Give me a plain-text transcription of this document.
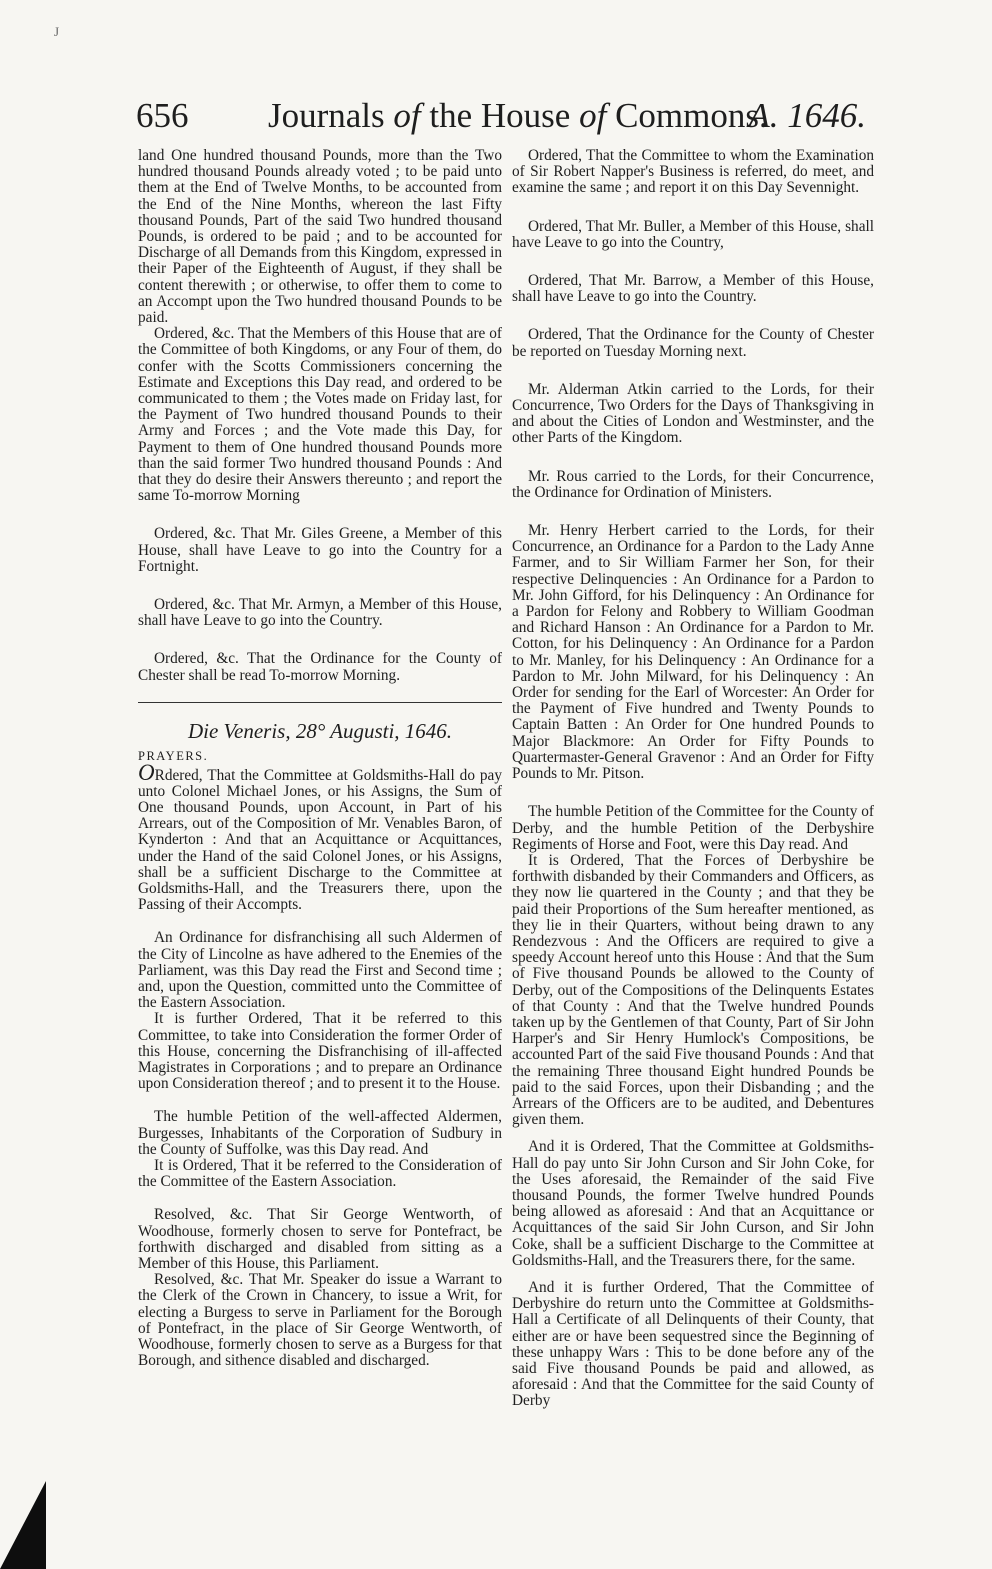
J
656 Journals of the House of Commons.
A. 1646.

land One hundred thousand Pounds, more than the Two hundred thousand Pounds already voted ; to be paid unto them at the End of Twelve Months, to be accounted from the End of the Nine Months, whereon the last Fifty thousand Pounds, Part of the said Two hundred thousand Pounds, is ordered to be paid ; and to be accounted for Discharge of all Demands from this Kingdom, expressed in their Paper of the Eighteenth of August, if they shall be content therewith ; or otherwise, to offer them to come to an Accompt upon the Two hundred thousand Pounds to be paid.

Ordered, &c. That the Members of this House that are of the Committee of both Kingdoms, or any Four of them, do confer with the Scotts Commissioners concerning the Estimate and Exceptions this Day read, and ordered to be communicated to them ; the Votes made on Friday last, for the Payment of Two hundred thousand Pounds to their Army and Forces ; and the Vote made this Day, for Payment to them of One hundred thousand Pounds more than the said former Two hundred thousand Pounds : And that they do desire their Answers thereunto ; and report the same To-morrow Morning

Ordered, &c. That Mr. Giles Greene, a Member of this House, shall have Leave to go into the Country for a Fortnight.

Ordered, &c. That Mr. Armyn, a Member of this House, shall have Leave to go into the Country.

Ordered, &c. That the Ordinance for the County of Chester shall be read To-morrow Morning.

Die Veneris, 28° Augusti, 1646.

PRAYERS.

ORdered, That the Committee at Goldsmiths-Hall do pay unto Colonel Michael Jones, or his Assigns, the Sum of One thousand Pounds, upon Account, in Part of his Arrears, out of the Composition of Mr. Venables Baron, of Kynderton : And that an Acquittance or Acquittances, under the Hand of the said Colonel Jones, or his Assigns, shall be a sufficient Discharge to the Committee at Goldsmiths-Hall, and the Treasurers there, upon the Passing of their Accompts.

An Ordinance for disfranchising all such Aldermen of the City of Lincolne as have adhered to the Enemies of the Parliament, was this Day read the First and Second time ; and, upon the Question, committed unto the Committee of the Eastern Association.

It is further Ordered, That it be referred to this Committee, to take into Consideration the former Order of this House, concerning the Disfranchising of ill-affected Magistrates in Corporations ; and to prepare an Ordinance upon Consideration thereof ; and to present it to the House.

The humble Petition of the well-affected Aldermen, Burgesses, Inhabitants of the Corporation of Sudbury in the County of Suffolke, was this Day read. And

It is Ordered, That it be referred to the Consideration of the Committee of the Eastern Association.

Resolved, &c. That Sir George Wentworth, of Woodhouse, formerly chosen to serve for Pontefract, be forthwith discharged and disabled from sitting as a Member of this House, this Parliament.

Resolved, &c. That Mr. Speaker do issue a Warrant to the Clerk of the Crown in Chancery, to issue a Writ, for electing a Burgess to serve in Parliament for the Borough of Pontefract, in the place of Sir George Wentworth, of Woodhouse, formerly chosen to serve as a Burgess for that Borough, and sithence disabled and discharged.

Ordered, That the Committee to whom the Examination of Sir Robert Napper's Business is referred, do meet, and examine the same ; and report it on this Day Sevennight.

Ordered, That Mr. Buller, a Member of this House, shall have Leave to go into the Country,

Ordered, That Mr. Barrow, a Member of this House, shall have Leave to go into the Country.

Ordered, That the Ordinance for the County of Chester be reported on Tuesday Morning next.

Mr. Alderman Atkin carried to the Lords, for their Concurrence, Two Orders for the Days of Thanksgiving in and about the Cities of London and Westminster, and the other Parts of the Kingdom.

Mr. Rous carried to the Lords, for their Concurrence, the Ordinance for Ordination of Ministers.

Mr. Henry Herbert carried to the Lords, for their Concurrence, an Ordinance for a Pardon to the Lady Anne Farmer, and to Sir William Farmer her Son, for their respective Delinquencies : An Ordinance for a Pardon to Mr. John Gifford, for his Delinquency : An Ordinance for a Pardon for Felony and Robbery to William Goodman and Richard Hanson : An Ordinance for a Pardon to Mr. Cotton, for his Delinquency : An Ordinance for a Pardon to Mr. Manley, for his Delinquency : An Ordinance for a Pardon to Mr. John Milward, for his Delinquency : An Order for sending for the Earl of Worcester: An Order for the Payment of Five hundred and Twenty Pounds to Captain Batten : An Order for One hundred Pounds to Major Blackmore: An Order for Fifty Pounds to Quartermaster-General Gravenor : And an Order for Fifty Pounds to Mr. Pitson.

The humble Petition of the Committee for the County of Derby, and the humble Petition of the Derbyshire Regiments of Horse and Foot, were this Day read. And

It is Ordered, That the Forces of Derbyshire be forthwith disbanded by their Commanders and Officers, as they now lie quartered in the County ; and that they be paid their Proportions of the Sum hereafter mentioned, as they lie in their Quarters, without being drawn to any Rendezvous : And the Officers are required to give a speedy Account hereof unto this House : And that the Sum of Five thousand Pounds be allowed to the County of Derby, out of the Compositions of the Delinquents Estates of that County : And that the Twelve hundred Pounds taken up by the Gentlemen of that County, Part of Sir John Harper's and Sir Henry Humlock's Compositions, be accounted Part of the said Five thousand Pounds : And that the remaining Three thousand Eight hundred Pounds be paid to the said Forces, upon their Disbanding ; and the Arrears of the Officers are to be audited, and Debentures given them.

And it is Ordered, That the Committee at Goldsmiths-Hall do pay unto Sir John Curson and Sir John Coke, for the Uses aforesaid, the Remainder of the said Five thousand Pounds, the former Twelve hundred Pounds being allowed as aforesaid : And that an Acquittance or Acquittances of the said Sir John Curson, and Sir John Coke, shall be a sufficient Discharge to the Committee at Goldsmiths-Hall, and the Treasurers there, for the same.

And it is further Ordered, That the Committee of Derbyshire do return unto the Committee at Goldsmiths-Hall a Certificate of all Delinquents of their County, that either are or have been sequestred since the Beginning of these unhappy Wars : This to be done before any of the said Five thousand Pounds be paid and allowed, as aforesaid : And that the Committee for the said County of Derby
